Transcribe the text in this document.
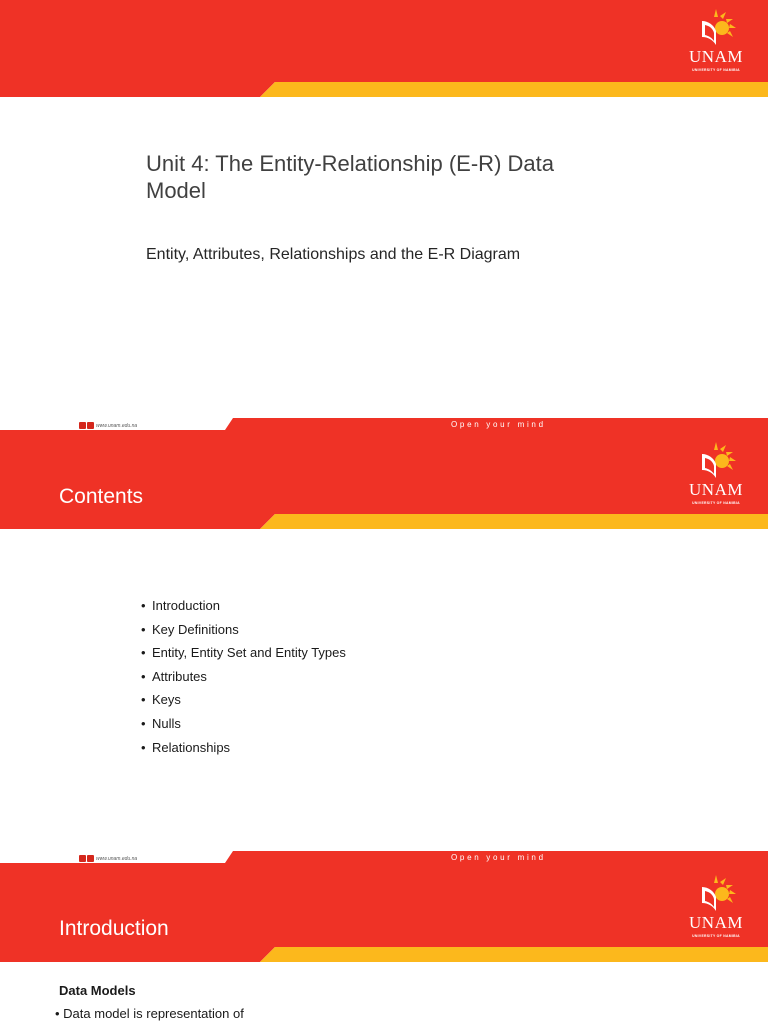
UNAM
UNIVERSITY OF NAMIBIA
Unit 4: The Entity-Relationship (E-R) Data Model
Entity, Attributes, Relationships and the E-R Diagram
www.unam.edu.na	Open your mind
Contents	UNAM
UNIVERSITY OF NAMIBIA
www.unam.edu.na	Open your mind
• Introduction
• Key Definitions
• Entity, Entity Set and Entity Types
• Attributes
• Keys
• Nulls
• Relationships
Introduction	UNAM
UNIVERSITY OF NAMIBIA
Data Models
• Data model is representation of
